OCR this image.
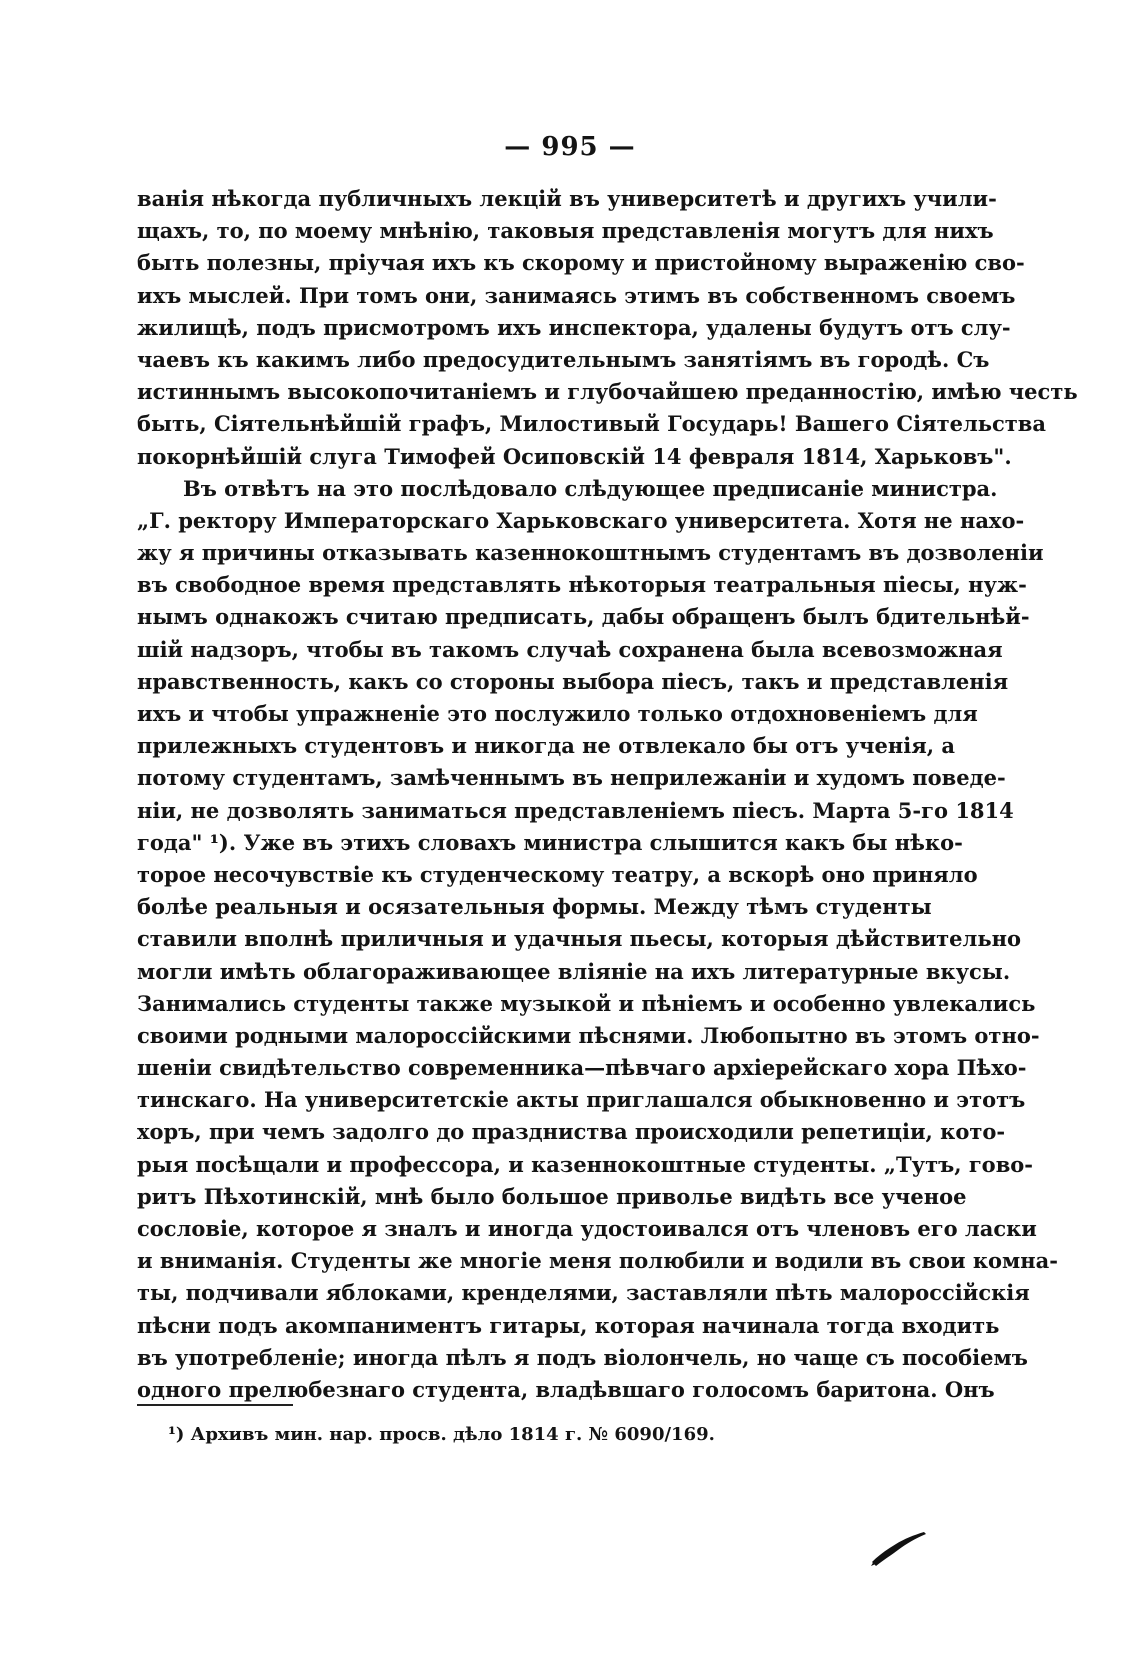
— 995 —
ванія нѣкогда публичныхъ лекцій въ университетѣ и другихъ учили-
щахъ, то, по моему мнѣнію, таковыя представленія могутъ для нихъ
быть полезны, пріучая ихъ къ скорому и пристойному выраженію сво-
ихъ мыслей. При томъ они, занимаясь этимъ въ собственномъ своемъ
жилищѣ, подъ присмотромъ ихъ инспектора, удалены будутъ отъ слу-
чаевъ къ какимъ либо предосудительнымъ занятіямъ въ городѣ. Съ
истиннымъ высокопочитаніемъ и глубочайшею преданностію, имѣю честь
быть, Сіятельнѣйшій графъ, Милостивый Государь! Вашего Сіятельства
покорнѣйшій слуга Тимофей Осиповскій 14 февраля 1814, Харьковъ".
Въ отвѣтъ на это послѣдовало слѣдующее предписаніе министра.
„Г. ректору Императорскаго Харьковскаго университета. Хотя не нахо-
жу я причины отказывать казеннокоштнымъ студентамъ въ дозволеніи
въ свободное время представлять нѣкоторыя театральныя піесы, нуж-
нымъ однакожъ считаю предписать, дабы обращенъ былъ бдительнѣй-
шій надзоръ, чтобы въ такомъ случаѣ сохранена была всевозможная
нравственность, какъ со стороны выбора піесъ, такъ и представленія
ихъ и чтобы упражненіе это послужило только отдохновеніемъ для
прилежныхъ студентовъ и никогда не отвлекало бы отъ ученія, а
потому студентамъ, замѣченнымъ въ неприлежаніи и худомъ поведе-
ніи, не дозволять заниматься представленіемъ піесъ. Марта 5-го 1814
года" ¹). Уже въ этихъ словахъ министра слышится какъ бы нѣко-
торое несочувствіе къ студенческому театру, а вскорѣ оно приняло
болѣе реальныя и осязательныя формы. Между тѣмъ студенты
ставили вполнѣ приличныя и удачныя пьесы, которыя дѣйствительно
могли имѣть облагораживающее вліяніе на ихъ литературные вкусы.
Занимались студенты также музыкой и пѣніемъ и особенно увлекались
своими родными малороссійскими пѣснями. Любопытно въ этомъ отно-
шеніи свидѣтельство современника—пѣвчаго архіерейскаго хора Пѣхо-
тинскаго. На университетскіе акты приглашался обыкновенно и этотъ
хоръ, при чемъ задолго до праздниства происходили репетиціи, кото-
рыя посѣщали и профессора, и казеннокоштные студенты. „Тутъ, гово-
ритъ Пѣхотинскій, мнѣ было большое приволье видѣть все ученое
сословіе, которое я зналъ и иногда удостоивался отъ членовъ его ласки
и вниманія. Студенты же многіе меня полюбили и водили въ свои комна-
ты, подчивали яблоками, кренделями, заставляли пѣть малороссійскія
пѣсни подъ акомпаниментъ гитары, которая начинала тогда входить
въ употребленіе; иногда пѣлъ я подъ віолончель, но чаще съ пособіемъ
одного прелюбезнаго студента, владѣвшаго голосомъ баритона. Онъ
¹) Архивъ мин. нар. просв. дѣло 1814 г. № 6090/169.
